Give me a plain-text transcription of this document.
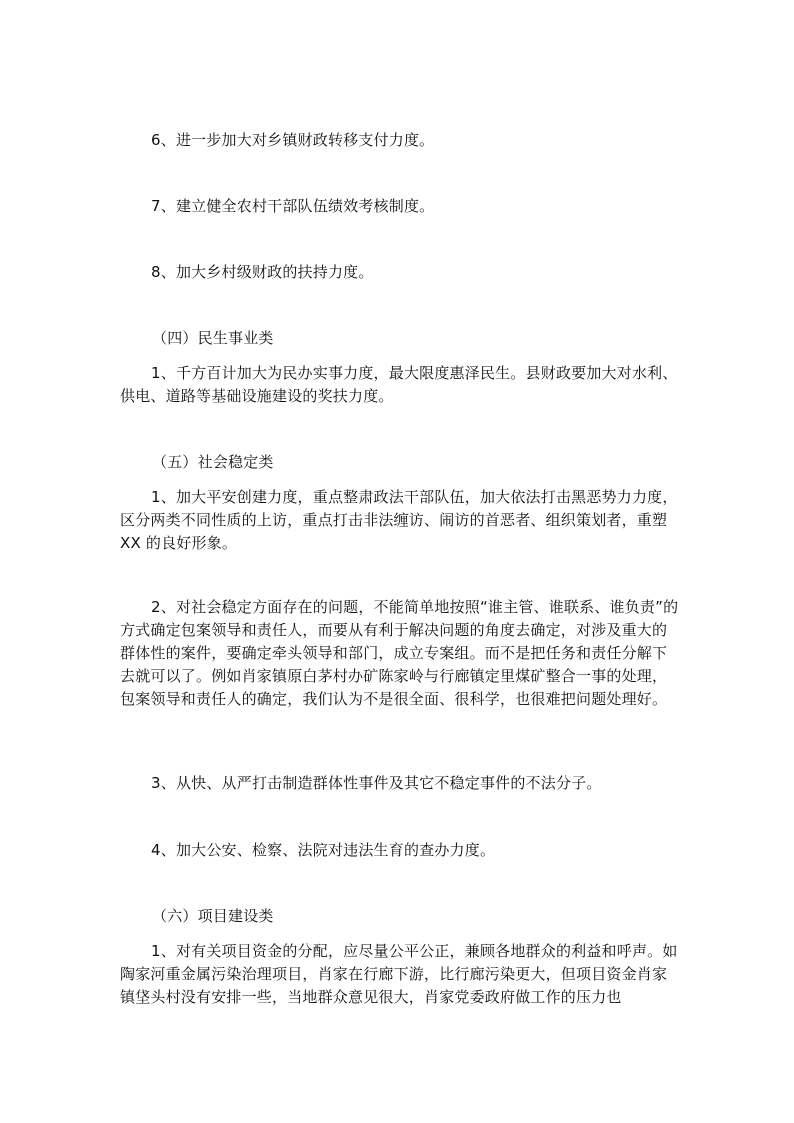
6、进一步加大对乡镇财政转移支付力度。
7、建立健全农村干部队伍绩效考核制度。
8、加大乡村级财政的扶持力度。
（四）民生事业类
1、千方百计加大为民办实事力度，最大限度惠泽民生。县财政要加大对水利、供电、道路等基础设施建设的奖扶力度。
（五）社会稳定类
1、加大平安创建力度，重点整肃政法干部队伍，加大依法打击黑恶势力力度，区分两类不同性质的上访，重点打击非法缠访、闹访的首恶者、组织策划者，重塑 XX 的良好形象。
2、对社会稳定方面存在的问题，不能简单地按照“谁主管、谁联系、谁负责”的方式确定包案领导和责任人，而要从有利于解决问题的角度去确定，对涉及重大的群体性的案件，要确定牵头领导和部门，成立专案组。而不是把任务和责任分解下去就可以了。例如肖家镇原白茅村办矿陈家岭与行廊镇定里煤矿整合一事的处理，包案领导和责任人的确定，我们认为不是很全面、很科学，也很难把问题处理好。
3、从快、从严打击制造群体性事件及其它不稳定事件的不法分子。
4、加大公安、检察、法院对违法生育的查办力度。
（六）项目建设类
1、对有关项目资金的分配，应尽量公平公正，兼顾各地群众的利益和呼声。如陶家河重金属污染治理项目，肖家在行廊下游，比行廊污染更大，但项目资金肖家镇垡头村没有安排一些，当地群众意见很大，肖家党委政府做工作的压力也
